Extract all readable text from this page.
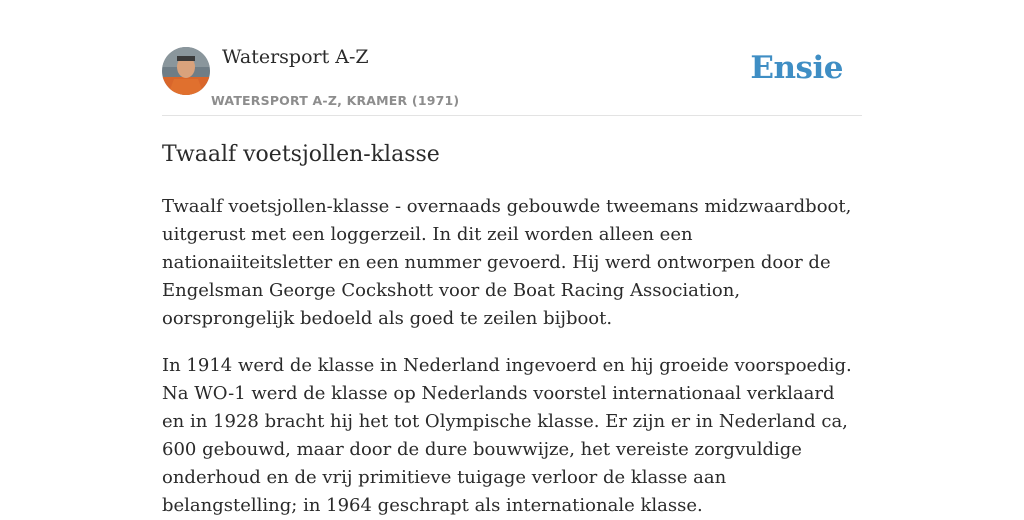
Watersport A-Z
WATERSPORT A-Z, KRAMER (1971)
Ensie
Twaalf voetsjollen-klasse

Twaalf voetsjollen-klasse - overnaads gebouwde tweemans midzwaardboot, uitgerust met een loggerzeil. In dit zeil worden alleen een nationaiiteitsletter en een nummer gevoerd. Hij werd ontworpen door de Engelsman George Cockshott voor de Boat Racing Association, oorsprongelijk bedoeld als goed te zeilen bijboot.

In 1914 werd de klasse in Nederland ingevoerd en hij groeide voorspoedig. Na WO-1 werd de klasse op Nederlands voorstel internationaal verklaard en in 1928 bracht hij het tot Olympische klasse. Er zijn er in Nederland ca, 600 gebouwd, maar door de dure bouwwijze, het vereiste zorgvuldige onderhoud en de vrij primitieve tuigage verloor de klasse aan belangstelling; in 1964 geschrapt als internationale klasse.
